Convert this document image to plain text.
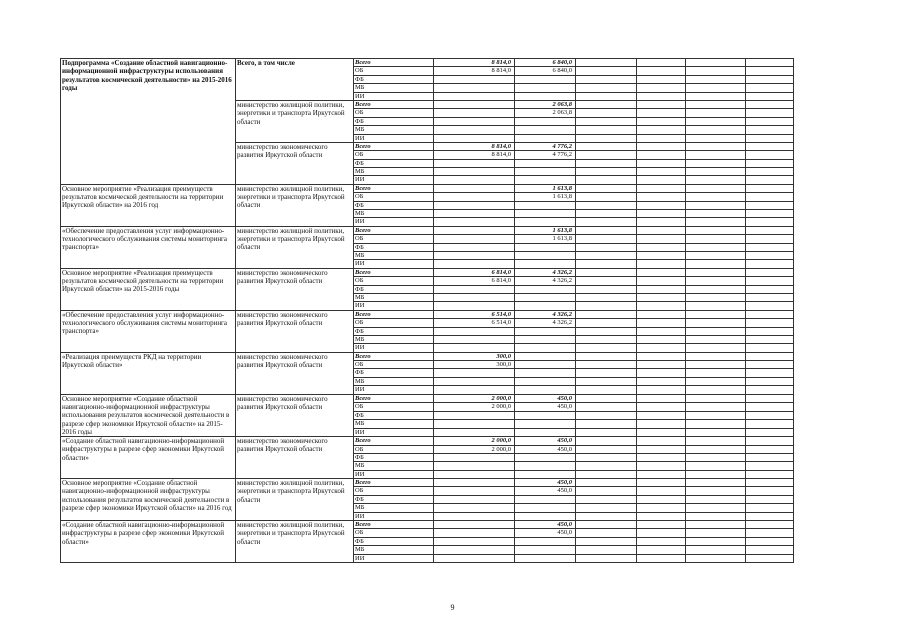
Подпрограмма «Создание областной навигационно-информационной инфраструктуры использования результатов космической деятельности» на 2015-2016 годы	Всего, в том числе	Всего	8 814,0	6 840,0				
		ОБ	8 814,0	6 840,0				
		ФБ						
		МБ						
		ИИ						
	министерство жилищной политики, энергетики и транспорта Иркутской области	Всего		2 063,8				
		ОБ		2 063,8				
		ФБ						
		МБ						
		ИИ						
	министерство экономического развития Иркутской области	Всего	8 814,0	4 776,2				
		ОБ	8 814,0	4 776,2				
		ФБ						
		МБ						
		ИИ						
Основное мероприятие «Реализация преимуществ результатов космической деятельности на территории Иркутской области» на 2016 год	министерство жилищной политики, энергетики и транспорта Иркутской области	Всего		1 613,8				
		ОБ		1 613,8				
		ФБ						
		МБ						
		ИИ						
«Обеспечение предоставления услуг информационно-технологического обслуживания системы мониторинга транспорта»	министерство жилищной политики, энергетики и транспорта Иркутской области	Всего		1 613,8				
		ОБ		1 613,8				
		ФБ						
		МБ						
		ИИ						
Основное мероприятие «Реализация преимуществ результатов космической деятельности на территории Иркутской области» на 2015-2016 годы	министерство экономического развития Иркутской области	Всего	6 814,0	4 326,2				
		ОБ	6 814,0	4 326,2				
		ФБ						
		МБ						
		ИИ						
«Обеспечение предоставления услуг информационно-технологического обслуживания системы мониторинга транспорта»	министерство экономического развития Иркутской области	Всего	6 514,0	4 326,2				
		ОБ	6 514,0	4 326,2				
		ФБ						
		МБ						
		ИИ						
«Реализация преимуществ РКД на территории Иркутской области»	министерство экономического развития Иркутской области	Всего	300,0					
		ОБ	300,0					
		ФБ						
		МБ						
		ИИ						
Основное мероприятие «Создание областной навигационно-информационной инфраструктуры использования результатов космической деятельности в разрезе сфер экономики Иркутской области» на 2015-2016 годы	министерство экономического развития Иркутской области	Всего	2 000,0	450,0				
		ОБ	2 000,0	450,0				
		ФБ						
		МБ						
		ИИ						
«Создание областной навигационно-информационной инфраструктуры в разрезе сфер экономики Иркутской области»	министерство экономического развития Иркутской области	Всего	2 000,0	450,0				
		ОБ	2 000,0	450,0				
		ФБ						
		МБ						
		ИИ						
Основное мероприятие «Создание областной навигационно-информационной инфраструктуры использования результатов космической деятельности в разрезе сфер экономики Иркутской области» на 2016 год	министерство жилищной политики, энергетики и транспорта Иркутской области	Всего		450,0				
		ОБ		450,0				
		ФБ						
		МБ						
		ИИ						
«Создание областной навигационно-информационной инфраструктуры в разрезе сфер экономики Иркутской области»	министерство жилищной политики, энергетики и транспорта Иркутской области	Всего		450,0				
		ОБ		450,0				
		ФБ						
		МБ						
		ИИ						
9
